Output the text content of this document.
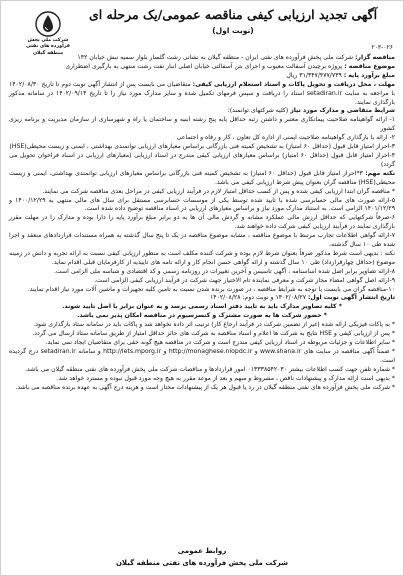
شرکت ملی پخش فرآورده های نفتی
منطقه گیلان
آگهی تجدید ارزیابی کیفی مناقصه عمومی/یک مرحله ای
(نوبت اول)
۲۰۳-۰۲۶

مناقصه گزار: شرکت ملی پخش فرآورده های نفتی ایران - منطقه گیلان به نشانی رشت گلسار بلوار سمیه نبش خیابان ۱۴۲

موضوع مناقصه : پروژه برچیدن آسفالت معیوب و اجرای بتن آسفالتی خیابان اصلی انبار نفت رشت منتهی به بارگیری اضطراری

مبلغ برآورد پایه : ۳۱/۳۴۷/۴۷۷/۷۳۹ ریال

مهلت ، محل دریافت و تحویل پاکات و اسناد استعلام ارزیابی کیفی: متقاضیان می بایست پس از انتشار آگهی نوبت دوم تا تاریخ ۱۴۰۲/۰۸/۳۰ با مراجعه به سایت setadiran.ir اسناد را دریافت و سپس فرمهای تکمیل شده و سایر مدارک مورد نیاز را تا تاریخ ۱۴۰۲/۰۹/۱۴ در سامانه مذکور بارگذاری نمایند.

شرایط متقاضی و مدارک مورد نیاز (کلیه شرکتهای توانمند):

۱- ارائه گواهینامه صلاحیت پیمانکاری معتبر و داشتن رتبه حداقل پایه پنج رشته ابنیه و ساختمان یا راه و شهرسازی از سازمان مدیریت و برنامه ریزی کشور

۲- ارائه یا بارگذاری گواهینامه صلاحیت ایمنی از اداره کل تعاون ، کار و رفاه و اجتماعی

۳-احراز امتیاز قابل قبول (حداقل ۶۰ امتیاز) به تشخیص کمیته فنی بازرگانی براساس معیارهای ارزیابی توانمندی بهداشتی ، ایمنی و زیست محیطی(HSE)

۴-احراز امتیاز قابل قبول (حداقل ۶۰ امتیاز) براساس معیارهای ارزیابی کیفی مندرج در اسناد ارزیابی (معیارهای ارزیابی در اسناد فراخوان تحویل می گردد)

نکته مهم: ۳*احراز امتیاز قابل قبول (حداقل ۶۰ امتیاز) به تشخیص کمیته فنی بازرگانی براساس معیارهای ارزیابی توانمندی بهداشتی، ایمنی و زیست محیطی(HSE) مناقصه گران بعنوان پیش شرط ارزیابی کیفی می باشد.

* مناقصه گران ابتدا ارزیابی کیفی شده و پس از کسب حداقل امتیاز لازم در فرآیند ارزیابی کیفی در مراحل بعدی مناقصه شرکت می نمایند.

۵-ارائه صورت های مالی حسابرسی شده یا تایید شده توسط یکی از موسسات حسابرسی مستقل برای سال های مالی منتهی به ۱۴۰۰/۱۲/۲۹ و ۱۴۰۱/۱۲/۲۹ الزامی است. به استناد مدارک مورد نیاز و براساس معیارهای ارزیابی در اسناد مناقصه توضیح داده شده است.

۶-صرفاً شرکتهایی که حداقل ارزش مالی عملکرد مشابه و گردش مالی آن ها به دو برابر مبلغ برآورد پایه را دارا بوده و مدارک را در مهلت مقرر بارگذاری نمایند در فرآیند ارزیابی کیفی شرکت داده خواهند شد.

۷-ارائه گواهی اطلاعات تجارب مرتبط با موضوع مناقصه ، مشابه موضوع مناقصه در یک تا پنج سال گذشته به همراه مستندات قراردادهای منعقد و اجرا شده طی ۱۰ سال گذشته.

نکته : بدیهی است شرط مذکور صرفاً بعنوان شرط لازم بوده و شرکت کننده مکلف است به منظور ارزیابی کیفی نسبت به ارائه تجربه و دانش در زمینه موضوع (حداقل چهارقرارداد) طی ۱۰ سال گذشته و ارائه گواهی حسن انجام کار و ارائه نامه های تاییدیه از کارفرمایان قبلی اقدام نماید.

۸-ارائه تصاویر برابر اصل شده اساسنامه ، آگهی تاسیس و آخرین تغییرات در روزنامه رسمی و کد اقتصادی و شناسه ملی الزامی است.

۹-ارائه اصل گواهی امضاء مجاز شرکت و معرفی نماینده تام الاختیار جهت شرکت در فرآیند ارزیابی کیفی الزامی است.

۱۰-مناقصه گران می بایست با توجه به شرایط مناقصه ، در صورت برنده شدن نسبت به تامین کلیه تجهیزات و ماشین آلات مورد نیاز اقدام نمایند.

تاریخ انتشار آگهی نوبت اول: ۱۴۰۲/۰۸/۲۷ و نوبت دوم: ۱۴۰۲/۰۸/۲۸

* کلیه تصاویر مدارک باید به تایید دفتر اسناد رسمی برسد و به عنوان برابر با اصل تایید شوند.

* حضور شرکت ها به صورت مشترک و کنسرسیوم در مناقصه امکان پذیر نمی باشد.

* به پاکات فیزیکی ارائه شده (غیر از تضمین شرکت در فرآیند ارجاع کار) ترتیب اثر داده نخواهد شد و پاکات باید در سامانه ستاد بارگذاری شود.

* پس از ارزیابی کیفی و HSE نتایج به شرکت ها اعلام و اسناد مناقصه به شرکت های حائز حداقل امتیاز از طریق سامانه ستاد ارسال می گردد.

* سایر اطلاعات و جزئیات مربوطه در اسناد ارزیابی کیفی مندرج است و شرکت در مناقصه هیچ گونه حقی برای متقاضیان ایجاد نمی نماید.

* ضمناً آگهی مناقصه در سایت های www.shana.ir و http://monaghese.niopdc.ir و http://iets.mporg.ir و سامانه setadiran.ir درج گردیده است.

* شماره تلفن جهت کسب اطلاعات بیشتر ۰۱۳۳۳۸۵۴۲۰۳۰ امور قراردادها و مناقصات شرکت ملی پخش فرآورده های نفتی منطقه گیلان می باشد.

* بدیهی است ارائه مدارک و پیشنهادات ناقص ، مشروط و مبهم و بعد از موعد مقرر به هیچ وجه مورد قبول نبوده و مسترد خواهد شد.

* شرکت ملی پخش فرآورده های نفتی منطقه گیلان در رد یا قبول هر یک از پیشنهادات مختار است و هزینه درج آگهی به عهده برنده مناقصه می باشد.

روابط عمومی
شرکت ملی پخش فرآورده های نفتی منطقه گیلان
